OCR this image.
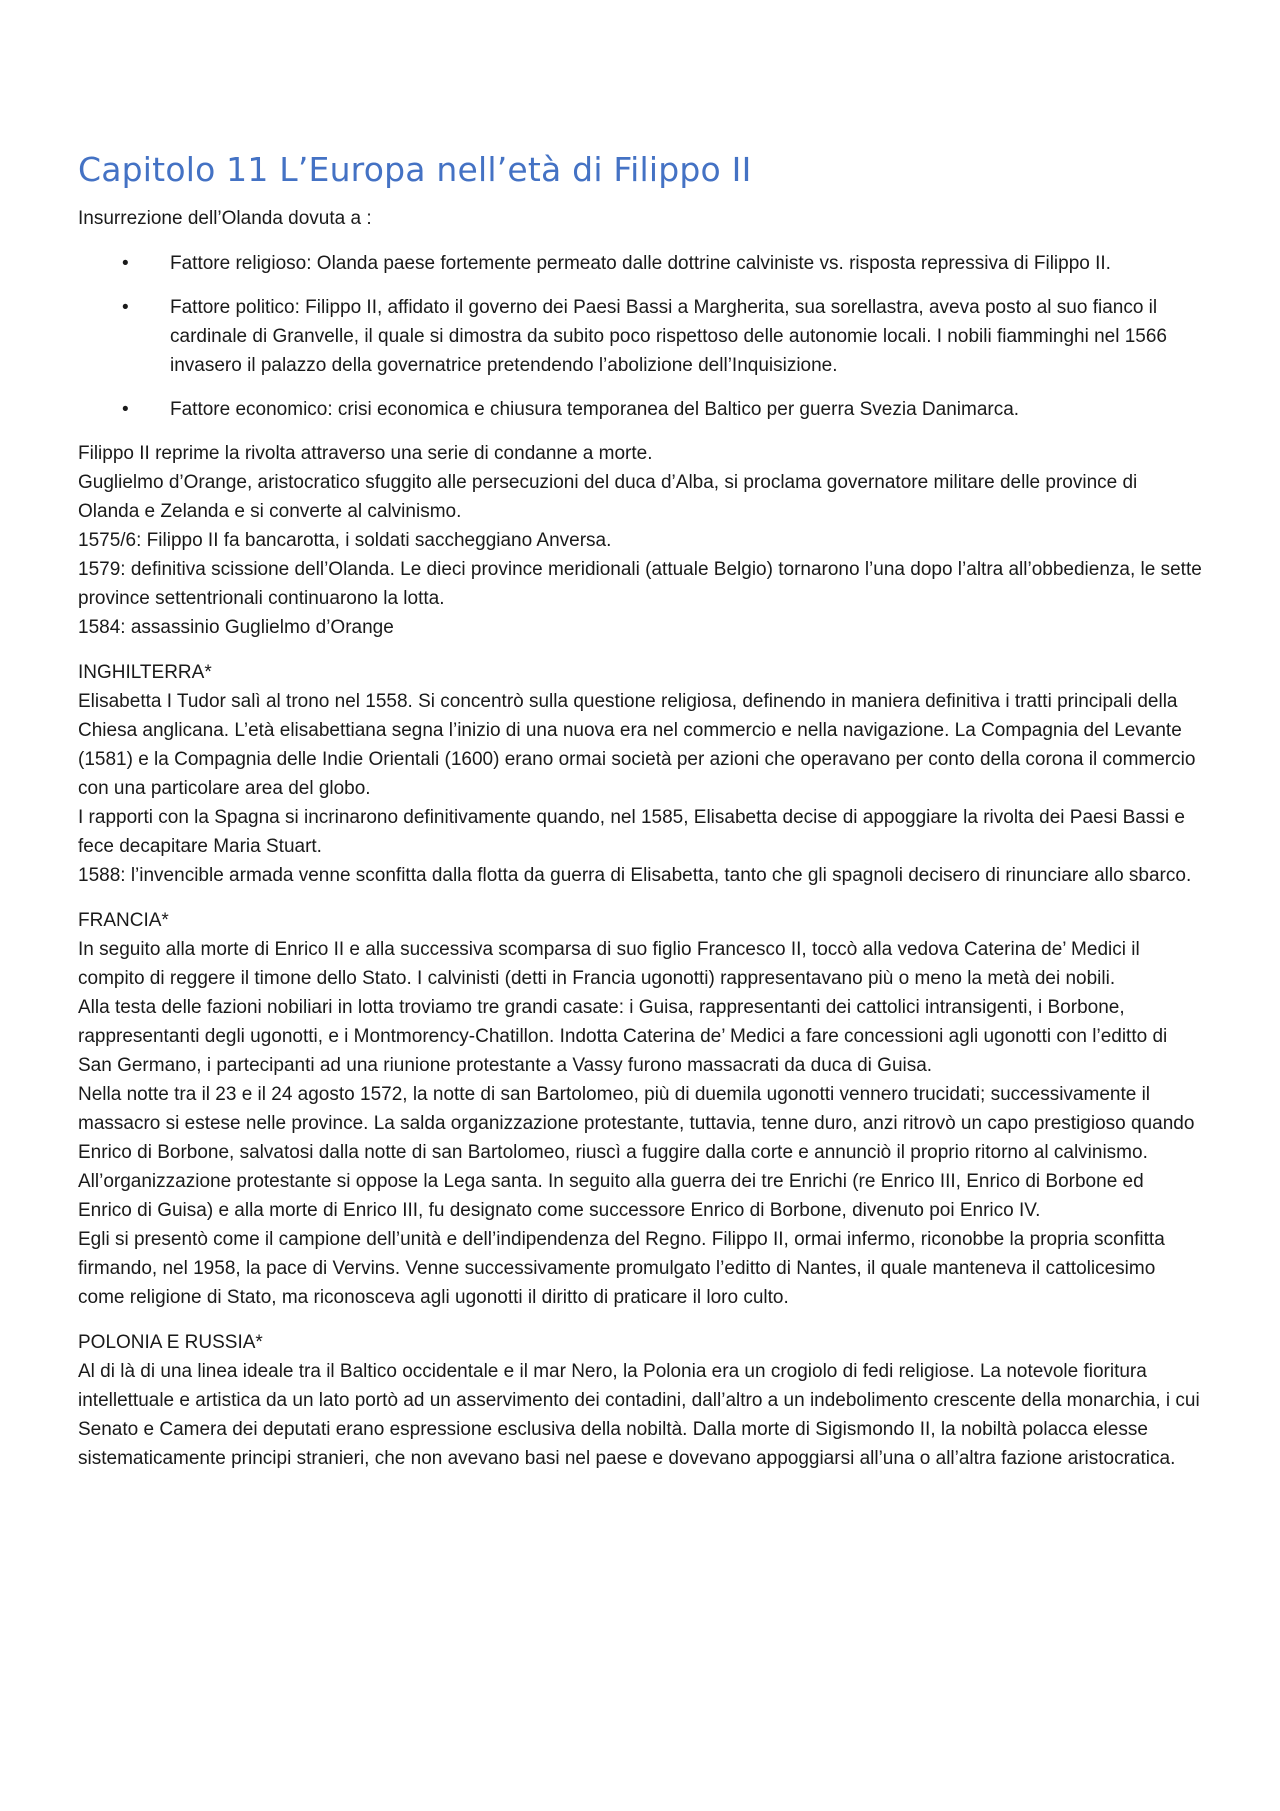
Capitolo 11 L’Europa nell’età di Filippo II

Insurrezione dell’Olanda dovuta a :

• Fattore religioso: Olanda paese fortemente permeato dalle dottrine calviniste vs. risposta repressiva di Filippo II.
• Fattore politico: Filippo II, affidato il governo dei Paesi Bassi a Margherita, sua sorellastra, aveva posto al suo fianco il cardinale di Granvelle, il quale si dimostra da subito poco rispettoso delle autonomie locali. I nobili fiamminghi nel 1566 invasero il palazzo della governatrice pretendendo l’abolizione dell’Inquisizione.
• Fattore economico: crisi economica e chiusura temporanea del Baltico per guerra Svezia Danimarca.

Filippo II reprime la rivolta attraverso una serie di condanne a morte.

Guglielmo d’Orange, aristocratico sfuggito alle persecuzioni del duca d’Alba, si proclama governatore militare delle province di Olanda e Zelanda e si converte al calvinismo.

1575/6: Filippo II fa bancarotta, i soldati saccheggiano Anversa.

1579: definitiva scissione dell’Olanda. Le dieci province meridionali (attuale Belgio) tornarono l’una dopo l’altra all’obbedienza, le sette province settentrionali continuarono la lotta.

1584: assassinio Guglielmo d’Orange

INGHILTERRA*

Elisabetta I Tudor salì al trono nel 1558. Si concentrò sulla questione religiosa, definendo in maniera definitiva i tratti principali della Chiesa anglicana. L’età elisabettiana segna l’inizio di una nuova era nel commercio e nella navigazione. La Compagnia del Levante (1581) e la Compagnia delle Indie Orientali (1600) erano ormai società per azioni che operavano per conto della corona il commercio con una particolare area del globo.

I rapporti con la Spagna si incrinarono definitivamente quando, nel 1585, Elisabetta decise di appoggiare la rivolta dei Paesi Bassi e fece decapitare Maria Stuart.

1588: l’invencible armada venne sconfitta dalla flotta da guerra di Elisabetta, tanto che gli spagnoli decisero di rinunciare allo sbarco.

FRANCIA*

In seguito alla morte di Enrico II e alla successiva scomparsa di suo figlio Francesco II, toccò alla vedova Caterina de’ Medici il compito di reggere il timone dello Stato. I calvinisti (detti in Francia ugonotti) rappresentavano più o meno la metà dei nobili.

Alla testa delle fazioni nobiliari in lotta troviamo tre grandi casate: i Guisa, rappresentanti dei cattolici intransigenti, i Borbone, rappresentanti degli ugonotti, e i Montmorency-Chatillon. Indotta Caterina de’ Medici a fare concessioni agli ugonotti con l’editto di San Germano, i partecipanti ad una riunione protestante a Vassy furono massacrati da duca di Guisa.

Nella notte tra il 23 e il 24 agosto 1572, la notte di san Bartolomeo, più di duemila ugonotti vennero trucidati; successivamente il massacro si estese nelle province. La salda organizzazione protestante, tuttavia, tenne duro, anzi ritrovò un capo prestigioso quando Enrico di Borbone, salvatosi dalla notte di san Bartolomeo, riuscì a fuggire dalla corte e annunciò il proprio ritorno al calvinismo. All’organizzazione protestante si oppose la Lega santa. In seguito alla guerra dei tre Enrichi (re Enrico III, Enrico di Borbone ed Enrico di Guisa) e alla morte di Enrico III, fu designato come successore Enrico di Borbone, divenuto poi Enrico IV.

Egli si presentò come il campione dell’unità e dell’indipendenza del Regno. Filippo II, ormai infermo, riconobbe la propria sconfitta firmando, nel 1958, la pace di Vervins. Venne successivamente promulgato l’editto di Nantes, il quale manteneva il cattolicesimo come religione di Stato, ma riconosceva agli ugonotti il diritto di praticare il loro culto.

POLONIA E RUSSIA*

Al di là di una linea ideale tra il Baltico occidentale e il mar Nero, la Polonia era un crogiolo di fedi religiose. La notevole fioritura intellettuale e artistica da un lato portò ad un asservimento dei contadini, dall’altro a un indebolimento crescente della monarchia, i cui Senato e Camera dei deputati erano espressione esclusiva della nobiltà. Dalla morte di Sigismondo II, la nobiltà polacca elesse sistematicamente principi stranieri, che non avevano basi nel paese e dovevano appoggiarsi all’una o all’altra fazione aristocratica.
